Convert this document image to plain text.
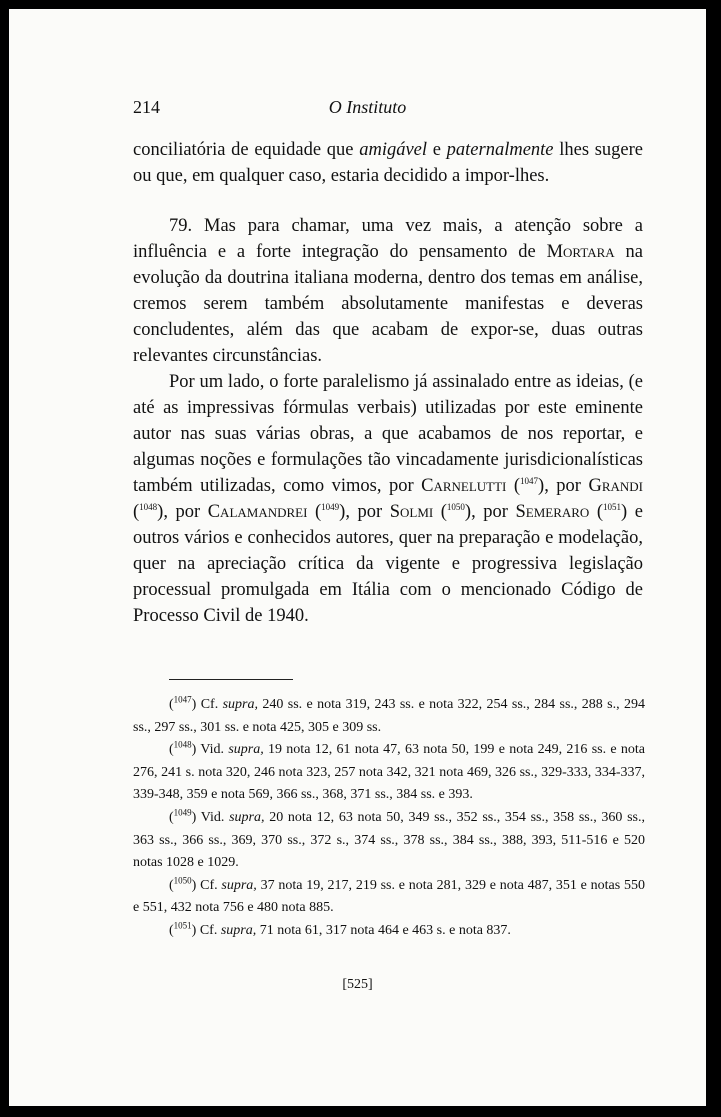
214	O Instituto

conciliatória de equidade que amigável e paternalmente lhes sugere ou que, em qualquer caso, estaria decidido a impor-lhes.

79. Mas para chamar, uma vez mais, a atenção sobre a influência e a forte integração do pensamento de Mortara na evolução da doutrina italiana moderna, dentro dos temas em análise, cremos serem também absolutamente manifestas e deveras concludentes, além das que acabam de expor-se, duas outras relevantes circunstâncias.

Por um lado, o forte paralelismo já assinalado entre as ideias, (e até as impressivas fórmulas verbais) utilizadas por este eminente autor nas suas várias obras, a que acabamos de nos reportar, e algumas noções e formulações tão vincadamente jurisdicionalísticas também utilizadas, como vimos, por Carnelutti ($^{1047}$), por Grandi ($^{1048}$), por Calamandrei ($^{1049}$), por Solmi ($^{1050}$), por Semeraro ($^{1051}$) e outros vários e conhecidos autores, quer na preparação e modelação, quer na apreciação crítica da vigente e progressiva legislação processual promulgada em Itália com o mencionado Código de Processo Civil de 1940.

($^{1047}$) Cf. supra, 240 ss. e nota 319, 243 ss. e nota 322, 254 ss., 284 ss., 288 s., 294 ss., 297 ss., 301 ss. e nota 425, 305 e 309 ss.

($^{1048}$) Vid. supra, 19 nota 12, 61 nota 47, 63 nota 50, 199 e nota 249, 216 ss. e nota 276, 241 s. nota 320, 246 nota 323, 257 nota 342, 321 nota 469, 326 ss., 329-333, 334-337, 339-348, 359 e nota 569, 366 ss., 368, 371 ss., 384 ss. e 393.

($^{1049}$) Vid. supra, 20 nota 12, 63 nota 50, 349 ss., 352 ss., 354 ss., 358 ss., 360 ss., 363 ss., 366 ss., 369, 370 ss., 372 s., 374 ss., 378 ss., 384 ss., 388, 393, 511-516 e 520 notas 1028 e 1029.

($^{1050}$) Cf. supra, 37 nota 19, 217, 219 ss. e nota 281, 329 e nota 487, 351 e notas 550 e 551, 432 nota 756 e 480 nota 885.

($^{1051}$) Cf. supra, 71 nota 61, 317 nota 464 e 463 s. e nota 837.

[525]
